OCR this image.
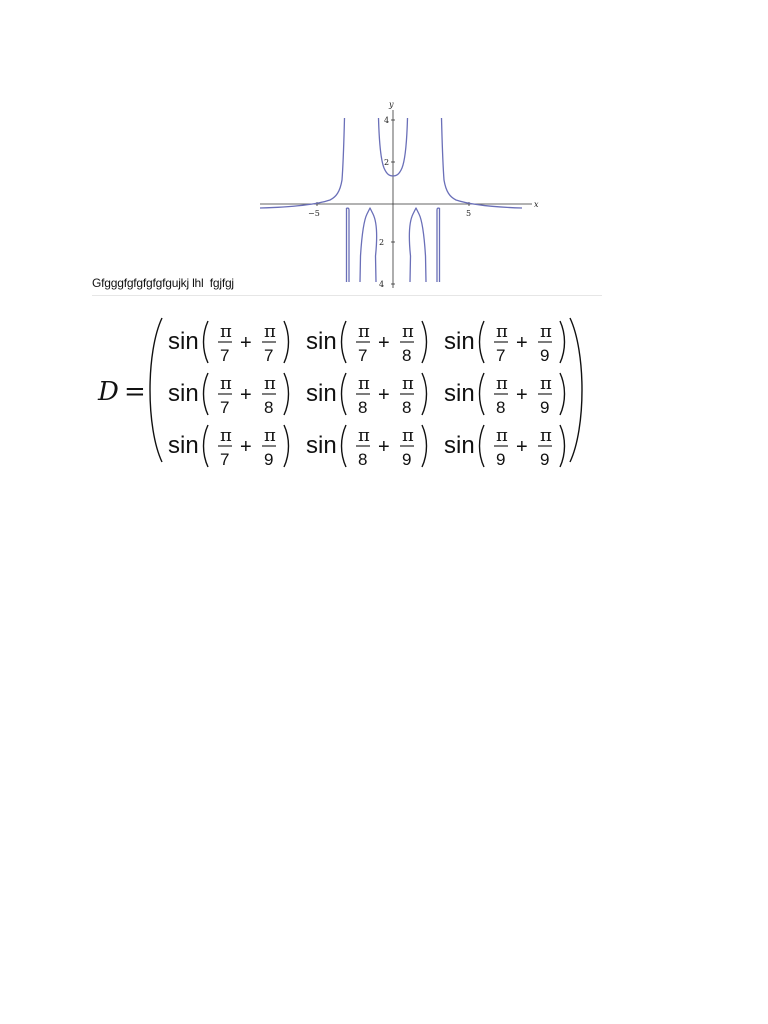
y
x
−5	5
4
2
2
4
Gfgggfgfgfgfgfgujkj lhl  fgjfgj
D =
sin π
7
+
π
7
sin π
7
+
π
8
sin π
7
+
π
9
sin π
7
+
π
8
sin π
8
+
π
8
sin π
8
+
π
9
sin π
7
+
π
9
sin π
8
+
π
9
sin π
9
+
π
9
